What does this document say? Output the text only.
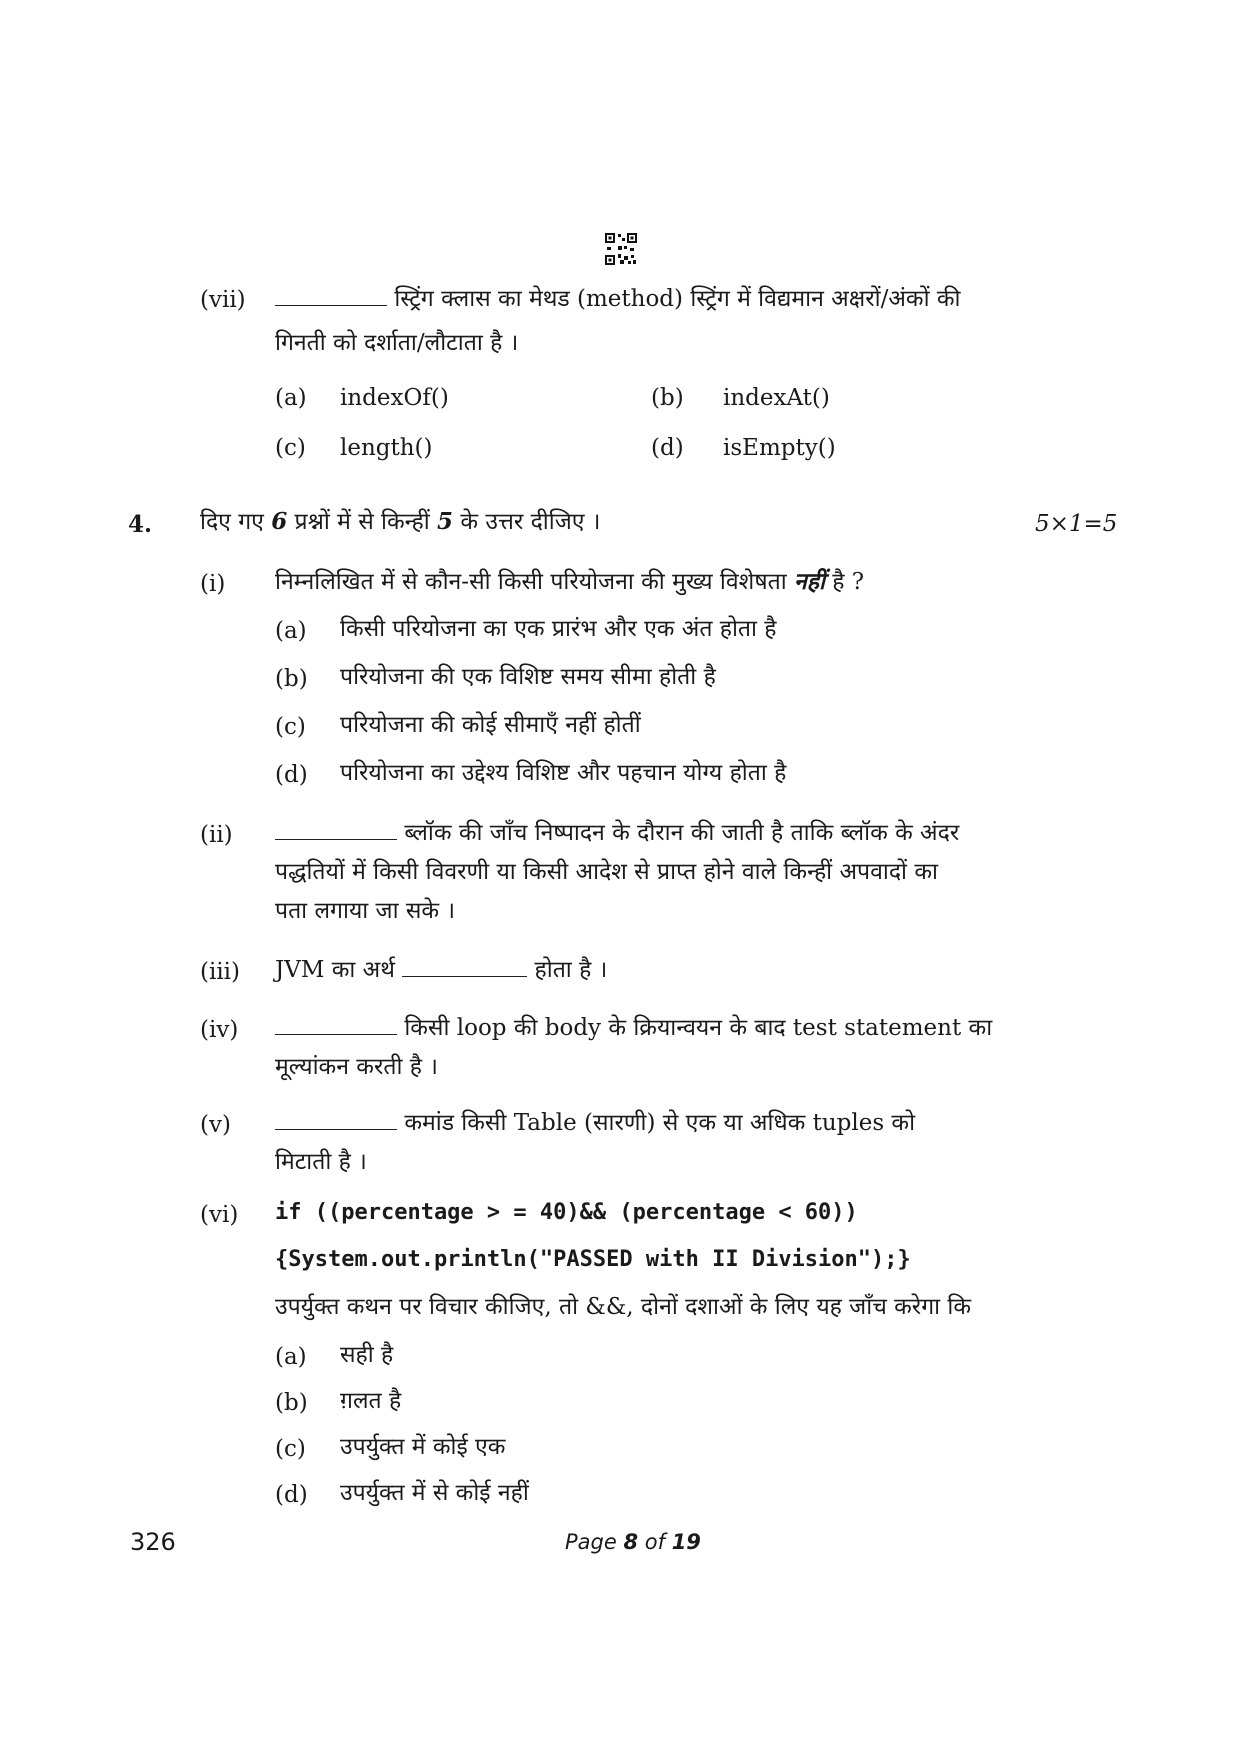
(vii)	स्ट्रिंग क्लास का मेथड (method) स्ट्रिंग में विद्यमान अक्षरों/अंकों की
गिनती को दर्शाता/लौटाता है ।
(a) indexOf()	(b) indexAt()
(c) length()	(d) isEmpty()
4. दिए गए 6 प्रश्नों में से किन्हीं 5 के उत्तर दीजिए ।	5×1=5
(i) निम्नलिखित में से कौन-सी किसी परियोजना की मुख्य विशेषता नहीं है ?
(a) किसी परियोजना का एक प्रारंभ और एक अंत होता है
(b) परियोजना की एक विशिष्ट समय सीमा होती है
(c) परियोजना की कोई सीमाएँ नहीं होतीं
(d) परियोजना का उद्देश्य विशिष्ट और पहचान योग्य होता है
(ii)	ब्लॉक की जाँच निष्पादन के दौरान की जाती है ताकि ब्लॉक के अंदर
पद्धतियों में किसी विवरणी या किसी आदेश से प्राप्त होने वाले किन्हीं अपवादों का
पता लगाया जा सके ।
(iii) JVM का अर्थ	होता है ।
(iv)	किसी loop की body के क्रियान्वयन के बाद test statement का
मूल्यांकन करती है ।
(v)	कमांड किसी Table (सारणी) से एक या अधिक tuples को
मिटाती है ।
(vi) if ((percentage > = 40)&& (percentage < 60))
{System.out.println("PASSED with II Division");}
उपर्युक्त कथन पर विचार कीजिए, तो &&, दोनों दशाओं के लिए यह जाँच करेगा कि
(a) सही है
(b) ग़लत है
(c) उपर्युक्त में कोई एक
(d) उपर्युक्त में से कोई नहीं
326	Page 8 of 19
